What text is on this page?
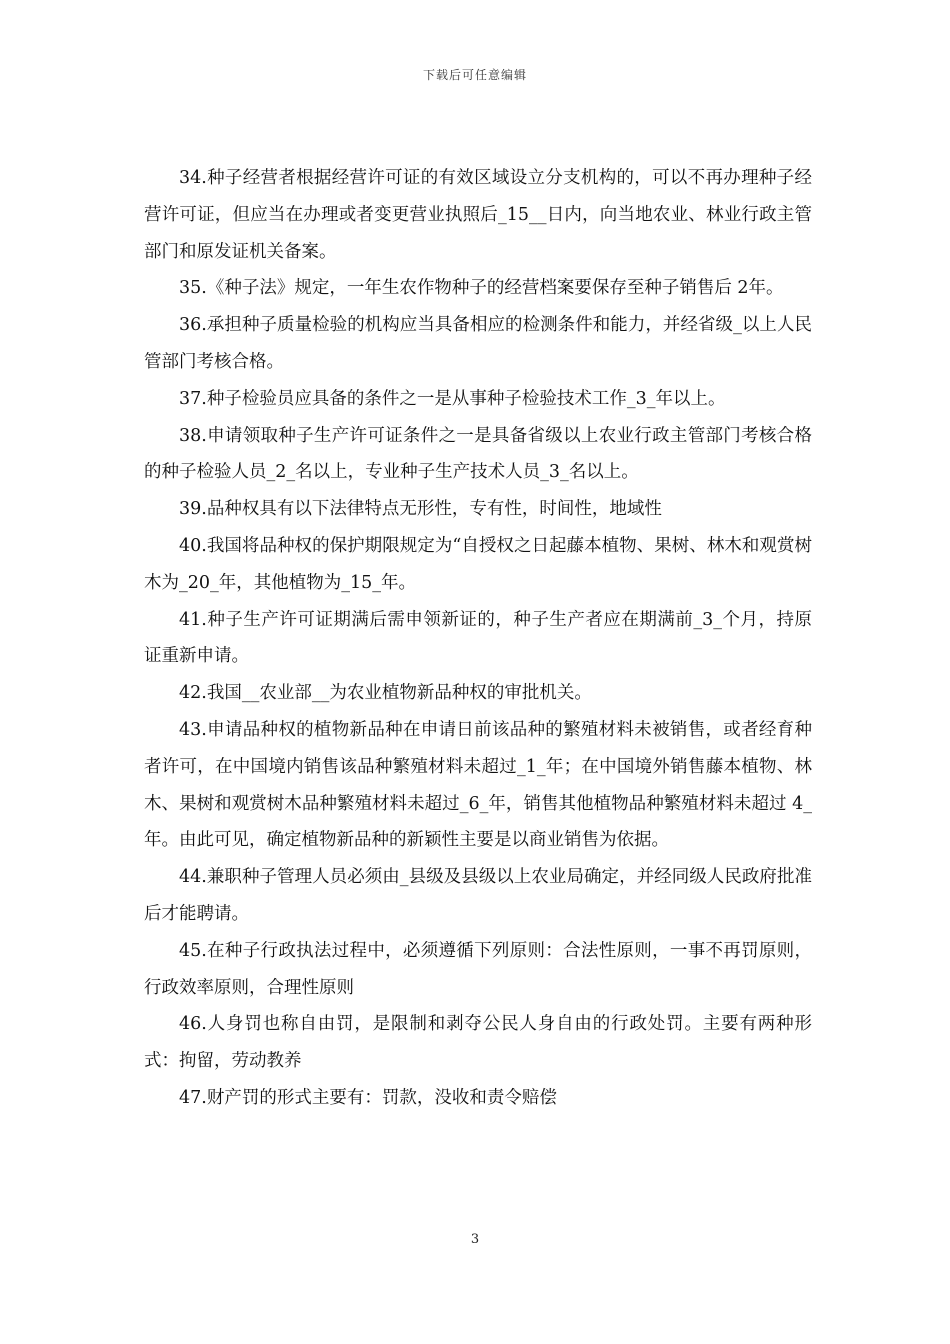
下载后可任意编辑

34.种子经营者根据经营许可证的有效区域设立分支机构的，可以不再办理种子经营许可证，但应当在办理或者变更营业执照后_15__日内，向当地农业、林业行政主管部门和原发证机关备案。

35.《种子法》规定，一年生农作物种子的经营档案要保存至种子销售后 2年。

36.承担种子质量检验的机构应当具备相应的检测条件和能力，并经省级_以上人民管部门考核合格。

37.种子检验员应具备的条件之一是从事种子检验技术工作_3_年以上。

38.申请领取种子生产许可证条件之一是具备省级以上农业行政主管部门考核合格的种子检验人员_2_名以上，专业种子生产技术人员_3_名以上。

39.品种权具有以下法律特点无形性，专有性，时间性，地域性

40.我国将品种权的保护期限规定为“自授权之日起藤本植物、果树、林木和观赏树木为_20_年，其他植物为_15_年。

41.种子生产许可证期满后需申领新证的，种子生产者应在期满前_3_个月，持原证重新申请。

42.我国__农业部__为农业植物新品种权的审批机关。

43.申请品种权的植物新品种在申请日前该品种的繁殖材料未被销售，或者经育种者许可，在中国境内销售该品种繁殖材料未超过_1_年；在中国境外销售藤本植物、林木、果树和观赏树木品种繁殖材料未超过_6_年，销售其他植物品种繁殖材料未超过 4_年。由此可见，确定植物新品种的新颖性主要是以商业销售为依据。

44.兼职种子管理人员必须由_县级及县级以上农业局确定，并经同级人民政府批准后才能聘请。

45.在种子行政执法过程中，必须遵循下列原则：合法性原则，一事不再罚原则，行政效率原则，合理性原则

46.人身罚也称自由罚，是限制和剥夺公民人身自由的行政处罚。主要有两种形式：拘留，劳动教养

47.财产罚的形式主要有：罚款，没收和责令赔偿

3
